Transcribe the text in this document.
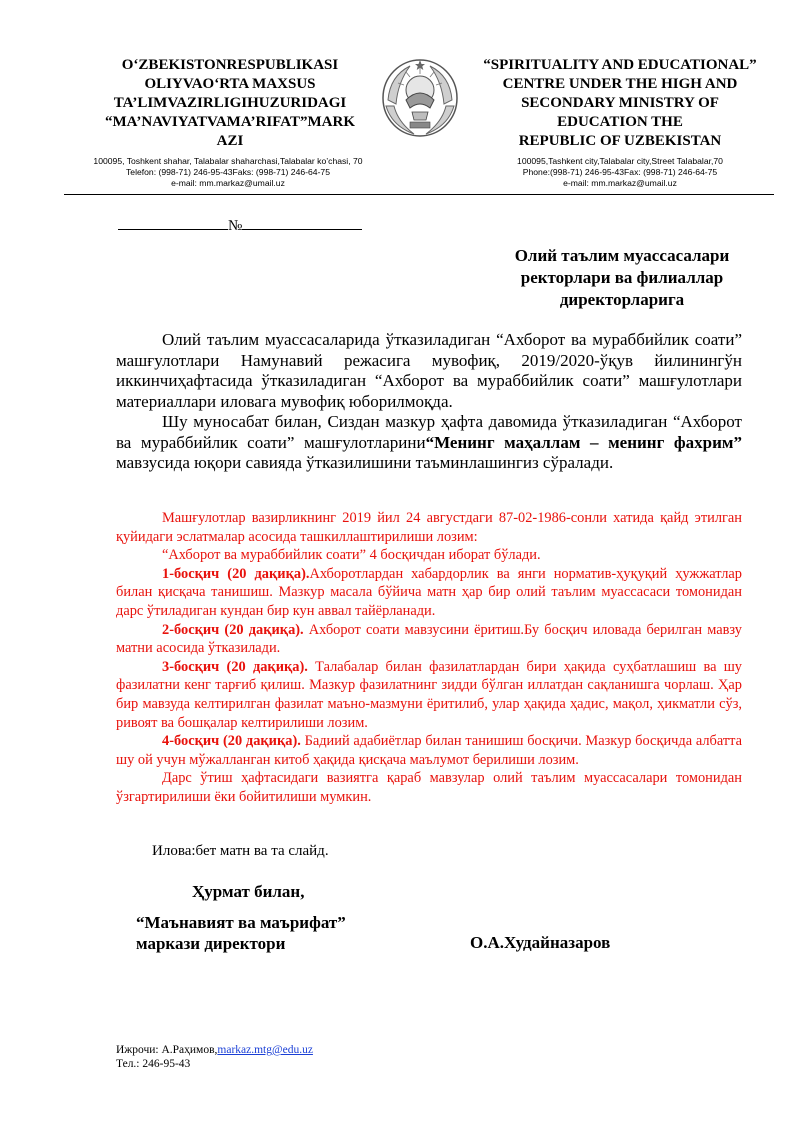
O‘ZBEKISTONRESPUBLIKASI
OLIYVAO‘RTA MAXSUS
TA’LIMVAZIRLIGIHUZURIDAGI
“MA’NAVIYATVAMA’RIFAT”MARK
AZI
“SPIRITUALITY AND EDUCATIONAL”
CENTRE UNDER THE HIGH AND
SECONDARY MINISTRY OF
EDUCATION THE
REPUBLIC OF UZBEKISTAN
100095, Toshkent shahar, Talabalar shaharchasi,Talabalar ko’chasi, 70
Telefon: (998-71) 246-95-43Faks: (998-71) 246-64-75
e-mail: mm.markaz@umail.uz
100095,Tashkent city,Talabalar city,Street Talabalar,70
Phone:(998-71) 246-95-43Fax: (998-71) 246-64-75
e-mail: mm.markaz@umail.uz
№
Олий таълим муассасалари
ректорлари ва филиаллар
директорларига

Олий таълим муассасаларида ўтказиладиган “Ахборот ва мураббийлик соати” машғулотлари Намунавий режасига мувофиқ, 2019/2020-ўқув йилинингўн иккинчиҳафтасида ўтказиладиган “Ахборот ва мураббийлик соати” машғулотлари материаллари иловага мувофиқ юборилмоқда.

Шу муносабат билан, Сиздан мазкур ҳафта давомида ўтказиладиган “Ахборот ва мураббийлик соати” машғулотларини“Менинг маҳаллам – менинг фахрим” мавзусида юқори савияда ўтказилишини таъминлашингиз сўралади.

Машғулотлар вазирликнинг 2019 йил 24 августдаги 87-02-1986-сонли хатида қайд этилган қуйидаги эслатмалар асосида ташкиллаштирилиши лозим:

“Ахборот ва мураббийлик соати” 4 босқичдан иборат бўлади.

1-босқич (20 дақиқа).Ахборотлардан хабардорлик ва янги норматив-ҳуқуқий ҳужжатлар билан қисқача танишиш. Мазкур масала бўйича матн ҳар бир олий таълим муассасаси томонидан дарс ўтиладиган кундан бир кун аввал тайёрланади.

2-босқич (20 дақиқа). Ахборот соати мавзусини ёритиш.Бу босқич иловада берилган мавзу матни асосида ўтказилади.

3-босқич (20 дақиқа). Талабалар билан фазилатлардан бири ҳақида суҳбатлашиш ва шу фазилатни кенг тарғиб қилиш. Мазкур фазилатнинг зидди бўлган иллатдан сақланишга чорлаш. Ҳар бир мавзуда келтирилган фазилат маъно-мазмуни ёритилиб, улар ҳақида ҳадис, мақол, ҳикматли сўз, ривоят ва бошқалар келтирилиши лозим.

4-босқич (20 дақиқа). Бадиий адабиётлар билан танишиш босқичи. Мазкур босқичда албатта шу ой учун мўжалланган китоб ҳақида қисқача маълумот берилиши лозим.

Дарс ўтиш ҳафтасидаги вазиятга қараб мавзулар олий таълим муассасалари томонидан ўзгартирилиши ёки бойитилиши мумкин.

Илова:бет матн ва та слайд.
Ҳурмат билан,
“Маънавият ва маърифат”
маркази директори	О.А.Худайназаров
Ижрочи: А.Раҳимов,markaz.mtg@edu.uz
Тел.: 246-95-43
